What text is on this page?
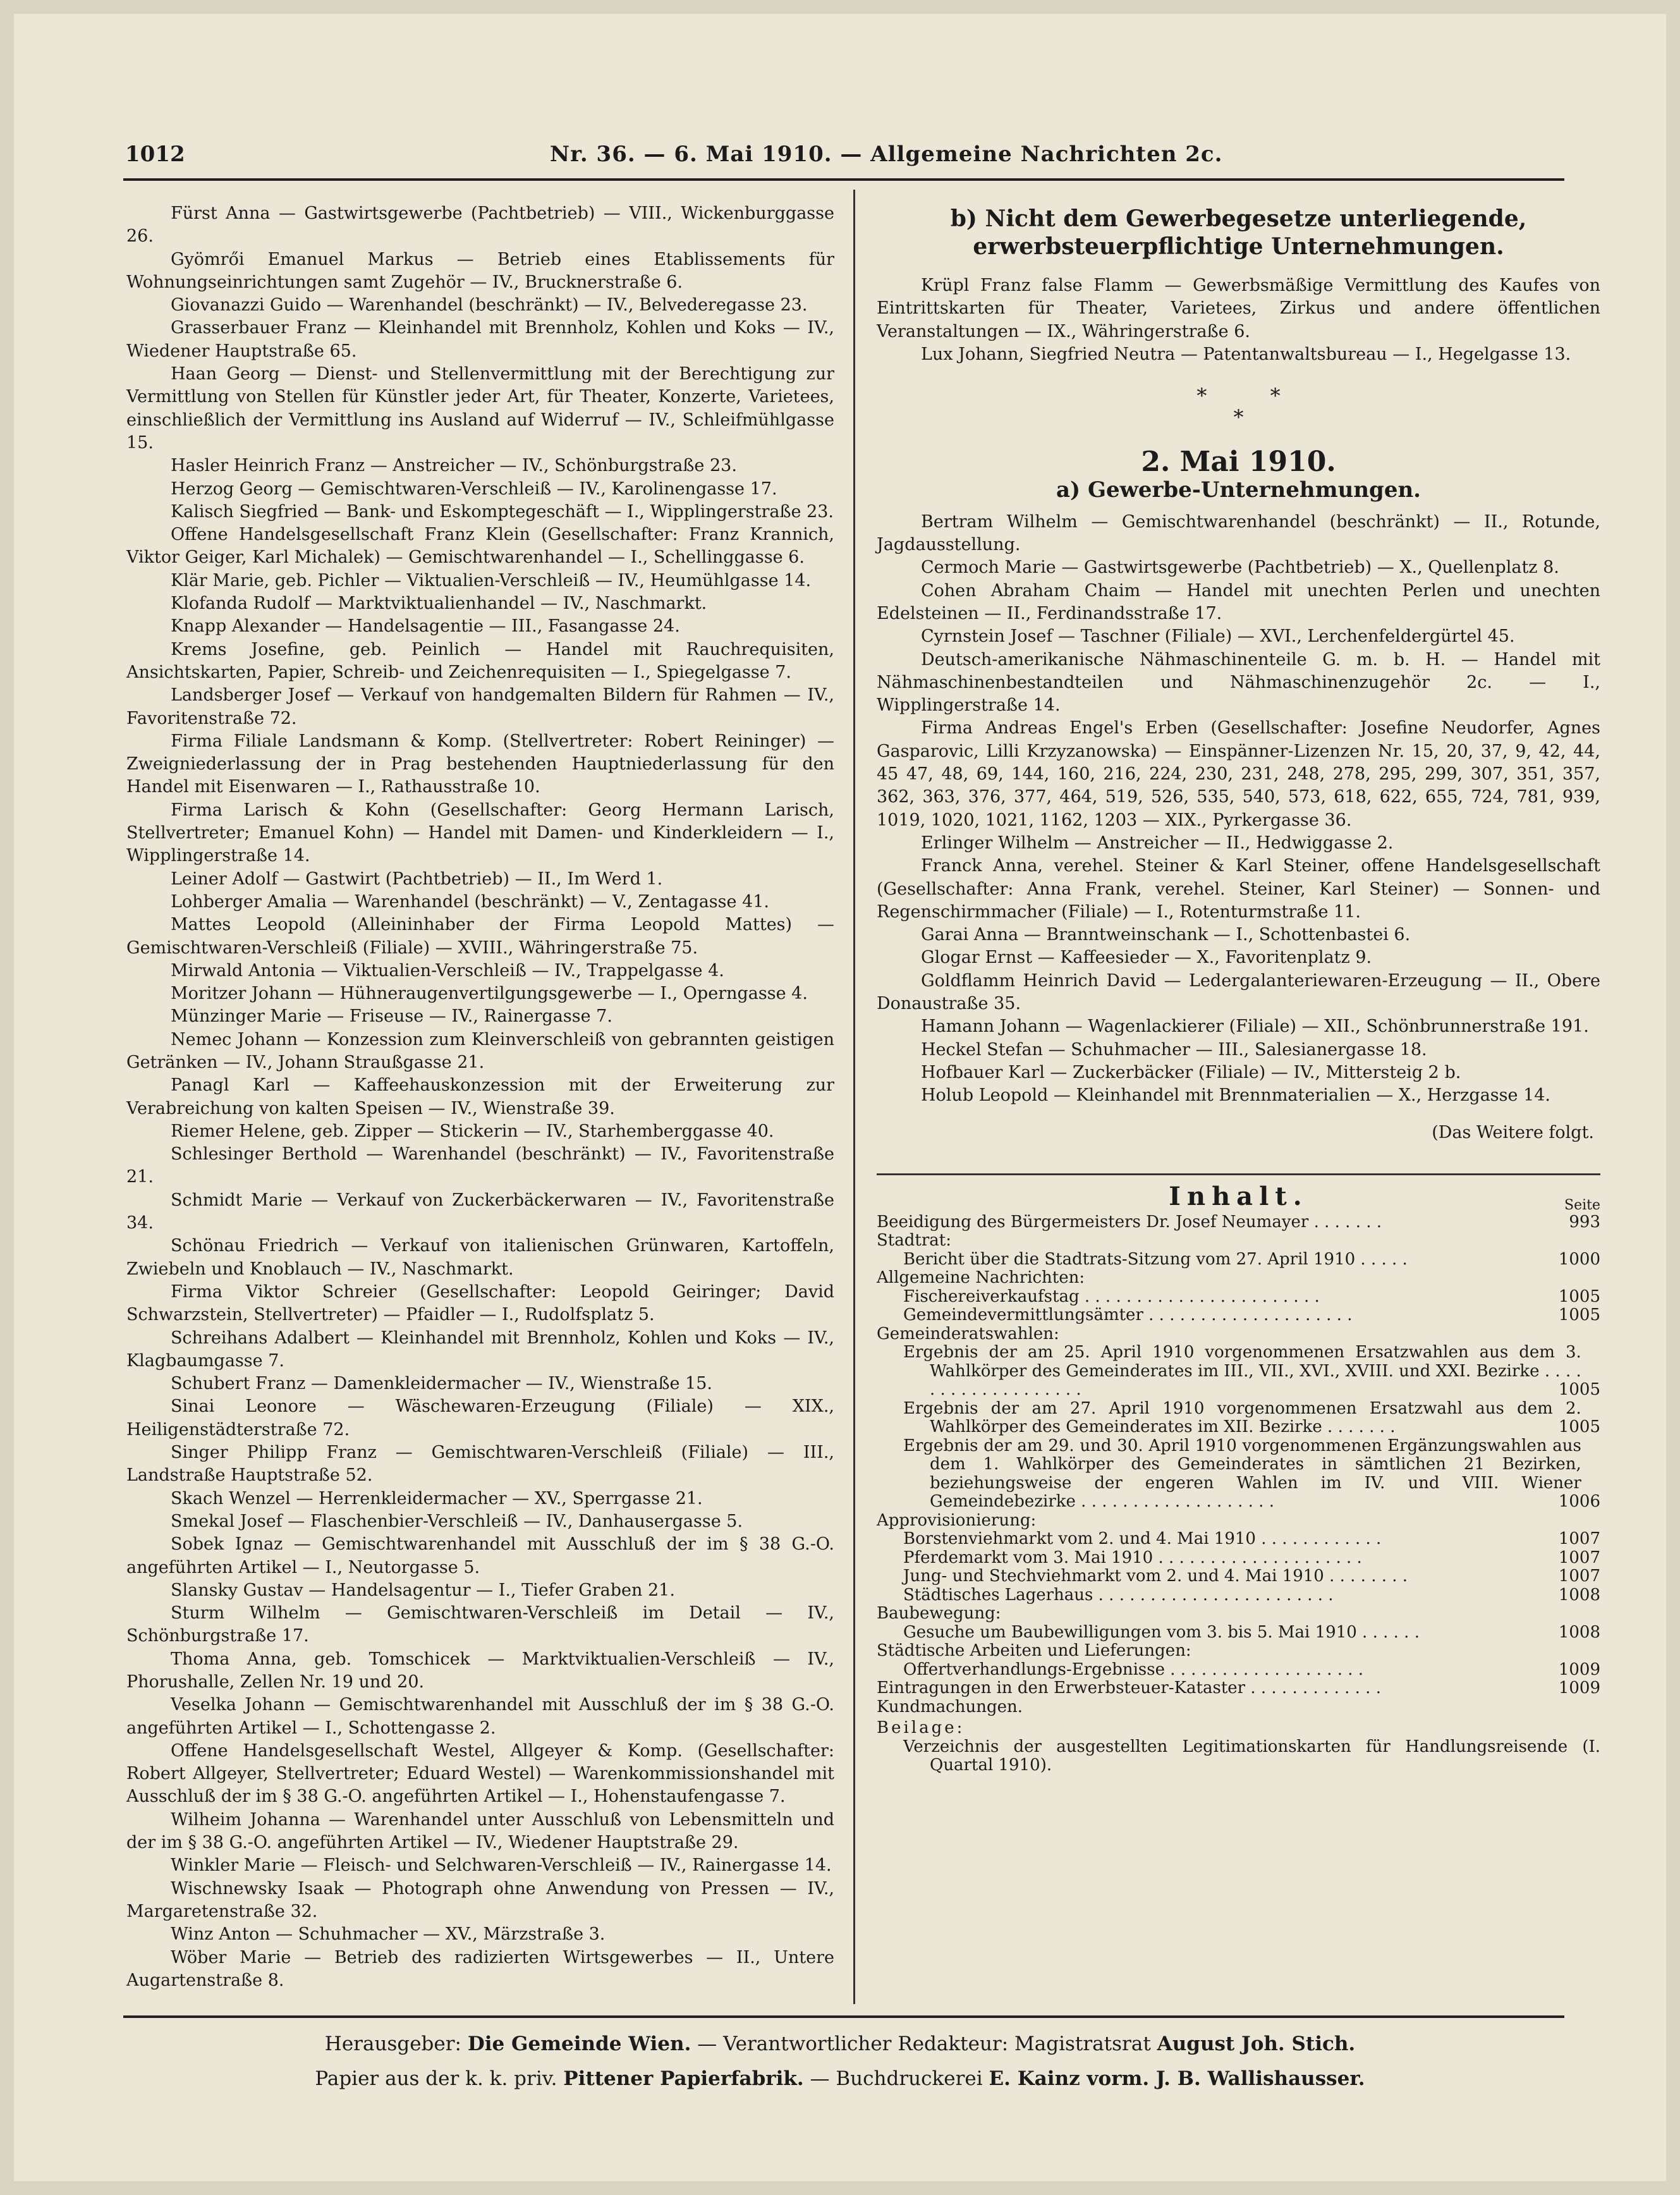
1012	Nr. 36. — 6. Mai 1910. — Allgemeine Nachrichten 2c.

Fürst Anna — Gastwirtsgewerbe (Pachtbetrieb) — VIII., Wickenburggasse 26.

Gyömrői Emanuel Markus — Betrieb eines Etablissements für Wohnungseinrichtungen samt Zugehör — IV., Brucknerstraße 6.

Giovanazzi Guido — Warenhandel (beschränkt) — IV., Belvederegasse 23.

Grasserbauer Franz — Kleinhandel mit Brennholz, Kohlen und Koks — IV., Wiedener Hauptstraße 65.

Haan Georg — Dienst- und Stellenvermittlung mit der Berechtigung zur Vermittlung von Stellen für Künstler jeder Art, für Theater, Konzerte, Varietees, einschließlich der Vermittlung ins Ausland auf Widerruf — IV., Schleifmühlgasse 15.

Hasler Heinrich Franz — Anstreicher — IV., Schönburgstraße 23.

Herzog Georg — Gemischtwaren-Verschleiß — IV., Karolinengasse 17.

Kalisch Siegfried — Bank- und Eskomptegeschäft — I., Wipplingerstraße 23.

Offene Handelsgesellschaft Franz Klein (Gesellschafter: Franz Krannich, Viktor Geiger, Karl Michalek) — Gemischtwarenhandel — I., Schellinggasse 6.

Klär Marie, geb. Pichler — Viktualien-Verschleiß — IV., Heumühlgasse 14.

Klofanda Rudolf — Marktviktualienhandel — IV., Naschmarkt.

Knapp Alexander — Handelsagentie — III., Fasangasse 24.

Krems Josefine, geb. Peinlich — Handel mit Rauchrequisiten, Ansichtskarten, Papier, Schreib- und Zeichenrequisiten — I., Spiegelgasse 7.

Landsberger Josef — Verkauf von handgemalten Bildern für Rahmen — IV., Favoritenstraße 72.

Firma Filiale Landsmann & Komp. (Stellvertreter: Robert Reininger) — Zweigniederlassung der in Prag bestehenden Hauptniederlassung für den Handel mit Eisenwaren — I., Rathausstraße 10.

Firma Larisch & Kohn (Gesellschafter: Georg Hermann Larisch, Stellvertreter; Emanuel Kohn) — Handel mit Damen- und Kinderkleidern — I., Wipplingerstraße 14.

Leiner Adolf — Gastwirt (Pachtbetrieb) — II., Im Werd 1.

Lohberger Amalia — Warenhandel (beschränkt) — V., Zentagasse 41.

Mattes Leopold (Alleininhaber der Firma Leopold Mattes) — Gemischtwaren-Verschleiß (Filiale) — XVIII., Währingerstraße 75.

Mirwald Antonia — Viktualien-Verschleiß — IV., Trappelgasse 4.

Moritzer Johann — Hühneraugenvertilgungsgewerbe — I., Operngasse 4.

Münzinger Marie — Friseuse — IV., Rainergasse 7.

Nemec Johann — Konzession zum Kleinverschleiß von gebrannten geistigen Getränken — IV., Johann Straußgasse 21.

Panagl Karl — Kaffeehauskonzession mit der Erweiterung zur Verabreichung von kalten Speisen — IV., Wienstraße 39.

Riemer Helene, geb. Zipper — Stickerin — IV., Starhemberggasse 40.

Schlesinger Berthold — Warenhandel (beschränkt) — IV., Favoritenstraße 21.

Schmidt Marie — Verkauf von Zuckerbäckerwaren — IV., Favoritenstraße 34.

Schönau Friedrich — Verkauf von italienischen Grünwaren, Kartoffeln, Zwiebeln und Knoblauch — IV., Naschmarkt.

Firma Viktor Schreier (Gesellschafter: Leopold Geiringer; David Schwarzstein, Stellvertreter) — Pfaidler — I., Rudolfsplatz 5.

Schreihans Adalbert — Kleinhandel mit Brennholz, Kohlen und Koks — IV., Klagbaumgasse 7.

Schubert Franz — Damenkleidermacher — IV., Wienstraße 15.

Sinai Leonore — Wäschewaren-Erzeugung (Filiale) — XIX., Heiligenstädterstraße 72.

Singer Philipp Franz — Gemischtwaren-Verschleiß (Filiale) — III., Landstraße Hauptstraße 52.

Skach Wenzel — Herrenkleidermacher — XV., Sperrgasse 21.

Smekal Josef — Flaschenbier-Verschleiß — IV., Danhausergasse 5.

Sobek Ignaz — Gemischtwarenhandel mit Ausschluß der im § 38 G.-O. angeführten Artikel — I., Neutorgasse 5.

Slansky Gustav — Handelsagentur — I., Tiefer Graben 21.

Sturm Wilhelm — Gemischtwaren-Verschleiß im Detail — IV., Schönburgstraße 17.

Thoma Anna, geb. Tomschicek — Marktviktualien-Verschleiß — IV., Phorushalle, Zellen Nr. 19 und 20.

Veselka Johann — Gemischtwarenhandel mit Ausschluß der im § 38 G.-O. angeführten Artikel — I., Schottengasse 2.

Offene Handelsgesellschaft Westel, Allgeyer & Komp. (Gesellschafter: Robert Allgeyer, Stellvertreter; Eduard Westel) — Warenkommissionshandel mit Ausschluß der im § 38 G.-O. angeführten Artikel — I., Hohenstaufengasse 7.

Wilheim Johanna — Warenhandel unter Ausschluß von Lebensmitteln und der im § 38 G.-O. angeführten Artikel — IV., Wiedener Hauptstraße 29.

Winkler Marie — Fleisch- und Selchwaren-Verschleiß — IV., Rainergasse 14.

Wischnewsky Isaak — Photograph ohne Anwendung von Pressen — IV., Margaretenstraße 32.

Winz Anton — Schuhmacher — XV., Märzstraße 3.

Wöber Marie — Betrieb des radizierten Wirtsgewerbes — II., Untere Augartenstraße 8.

b) Nicht dem Gewerbegesetze unterliegende, erwerbsteuerpflichtige Unternehmungen.

Krüpl Franz false Flamm — Gewerbsmäßige Vermittlung des Kaufes von Eintrittskarten für Theater, Varietees, Zirkus und andere öffentlichen Veranstaltungen — IX., Währingerstraße 6.

Lux Johann, Siegfried Neutra — Patentanwaltsbureau — I., Hegelgasse 13.

* *
*
2. Mai 1910.
a) Gewerbe-Unternehmungen.

Bertram Wilhelm — Gemischtwarenhandel (beschränkt) — II., Rotunde, Jagdausstellung.

Cermoch Marie — Gastwirtsgewerbe (Pachtbetrieb) — X., Quellenplatz 8.

Cohen Abraham Chaim — Handel mit unechten Perlen und unechten Edelsteinen — II., Ferdinandsstraße 17.

Cyrnstein Josef — Taschner (Filiale) — XVI., Lerchenfeldergürtel 45.

Deutsch-amerikanische Nähmaschinenteile G. m. b. H. — Handel mit Nähmaschinenbestandteilen und Nähmaschinenzugehör 2c. — I., Wipplingerstraße 14.

Firma Andreas Engel's Erben (Gesellschafter: Josefine Neudorfer, Agnes Gasparovic, Lilli Krzyzanowska) — Einspänner-Lizenzen Nr. 15, 20, 37, 9, 42, 44, 45 47, 48, 69, 144, 160, 216, 224, 230, 231, 248, 278, 295, 299, 307, 351, 357, 362, 363, 376, 377, 464, 519, 526, 535, 540, 573, 618, 622, 655, 724, 781, 939, 1019, 1020, 1021, 1162, 1203 — XIX., Pyrkergasse 36.

Erlinger Wilhelm — Anstreicher — II., Hedwiggasse 2.

Franck Anna, verehel. Steiner & Karl Steiner, offene Handelsgesellschaft (Gesellschafter: Anna Frank, verehel. Steiner, Karl Steiner) — Sonnen- und Regenschirmmacher (Filiale) — I., Rotenturmstraße 11.

Garai Anna — Branntweinschank — I., Schottenbastei 6.

Glogar Ernst — Kaffeesieder — X., Favoritenplatz 9.

Goldflamm Heinrich David — Ledergalanteriewaren-Erzeugung — II., Obere Donaustraße 35.

Hamann Johann — Wagenlackierer (Filiale) — XII., Schönbrunnerstraße 191.

Heckel Stefan — Schuhmacher — III., Salesianergasse 18.

Hofbauer Karl — Zuckerbäcker (Filiale) — IV., Mittersteig 2 b.

Holub Leopold — Kleinhandel mit Brennmaterialien — X., Herzgasse 14.

(Das Weitere folgt.
Inhalt.	Seite
Beeidigung des Bürgermeisters Dr. Josef Neumayer . . . . . . .	993
Stadtrat:
Bericht über die Stadtrats-Sitzung vom 27. April 1910 . . . . .	1000
Allgemeine Nachrichten:
Fischereiverkaufstag . . . . . . . . . . . . . . . . . . . . . . .	1005
Gemeindevermittlungsämter . . . . . . . . . . . . . . . . . . . .	1005
Gemeinderatswahlen:
Ergebnis der am 25. April 1910 vorgenommenen Ersatzwahlen aus dem 3. Wahlkörper des Gemeinderates im III., VII., XVI., XVIII. und XXI. Bezirke . . . . . . . . . . . . . . . . . . .	1005
Ergebnis der am 27. April 1910 vorgenommenen Ersatzwahl aus dem 2. Wahlkörper des Gemeinderates im XII. Bezirke . . . . . . .	1005
Ergebnis der am 29. und 30. April 1910 vorgenommenen Ergänzungswahlen aus dem 1. Wahlkörper des Gemeinderates in sämtlichen 21 Bezirken, beziehungsweise der engeren Wahlen im IV. und VIII. Wiener Gemeindebezirke . . . . . . . . . . . . . . . . . . .	1006
Approvisionierung:
Borstenviehmarkt vom 2. und 4. Mai 1910 . . . . . . . . . . . .	1007
Pferdemarkt vom 3. Mai 1910 . . . . . . . . . . . . . . . . . . . .	1007
Jung- und Stechviehmarkt vom 2. und 4. Mai 1910 . . . . . . . .	1007
Städtisches Lagerhaus . . . . . . . . . . . . . . . . . . . . . . .	1008
Baubewegung:
Gesuche um Baubewilligungen vom 3. bis 5. Mai 1910 . . . . . .	1008
Städtische Arbeiten und Lieferungen:
Offertverhandlungs-Ergebnisse . . . . . . . . . . . . . . . . . . .	1009
Eintragungen in den Erwerbsteuer-Kataster . . . . . . . . . . . . .	1009
Kundmachungen.
Beilage:
Verzeichnis der ausgestellten Legitimationskarten für Handlungsreisende (I. Quartal 1910).
Herausgeber: Die Gemeinde Wien. — Verantwortlicher Redakteur: Magistratsrat August Joh. Stich.
Papier aus der k. k. priv. Pittener Papierfabrik. — Buchdruckerei E. Kainz vorm. J. B. Wallishausser.
